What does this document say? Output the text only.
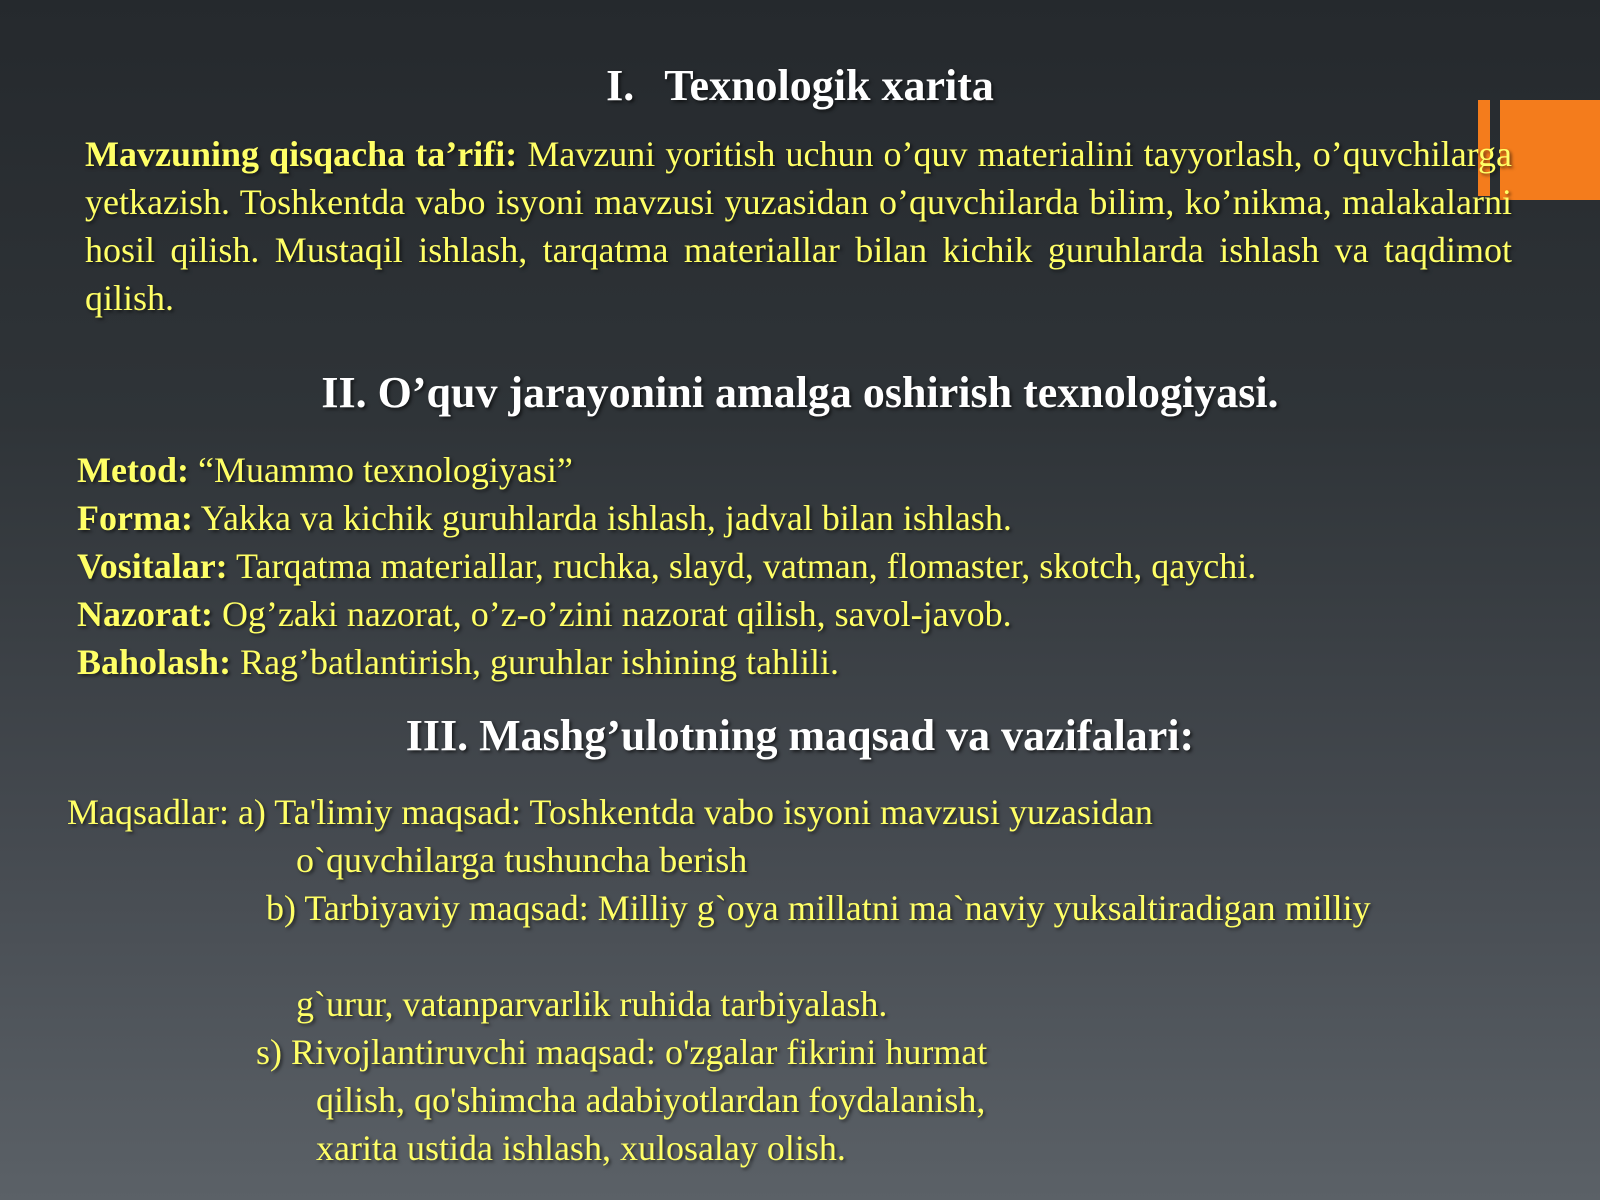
I. Texnologik xarita

Mavzuning qisqacha ta’rifi: Mavzuni yoritish uchun o’quv materialini tayyorlash, o’quvchilarga yetkazish. Toshkentda vabo isyoni mavzusi yuzasidan o’quvchilarda bilim, ko’nikma, malakalarni hosil qilish. Mustaqil ishlash, tarqatma materiallar bilan kichik guruhlarda ishlash va taqdimot qilish.

II. O’quv jarayonini amalga oshirish texnologiyasi.
Metod: “Muammo texnologiyasi”
Forma: Yakka va kichik guruhlarda ishlash, jadval bilan ishlash.
Vositalar: Tarqatma materiallar, ruchka, slayd, vatman, flomaster, skotch, qaychi.
Nazorat: Og’zaki nazorat, o’z-o’zini nazorat qilish, savol-javob.
Baholash: Rag’batlantirish, guruhlar ishining tahlili.
III. Mashg’ulotning maqsad va vazifalari:

Maqsadlar: a) Ta'limiy maqsad: Toshkentda vabo isyoni mavzusi yuzasidan

o`quvchilarga tushuncha berish

b) Tarbiyaviy maqsad: Milliy g`oya millatni ma`naviy yuksaltiradigan milliy

g`urur, vatanparvarlik ruhida tarbiyalash.

s) Rivojlantiruvchi maqsad: o'zgalar fikrini hurmat

qilish, qo'shimcha adabiyotlardan foydalanish,

xarita ustida ishlash, xulosalay olish.
